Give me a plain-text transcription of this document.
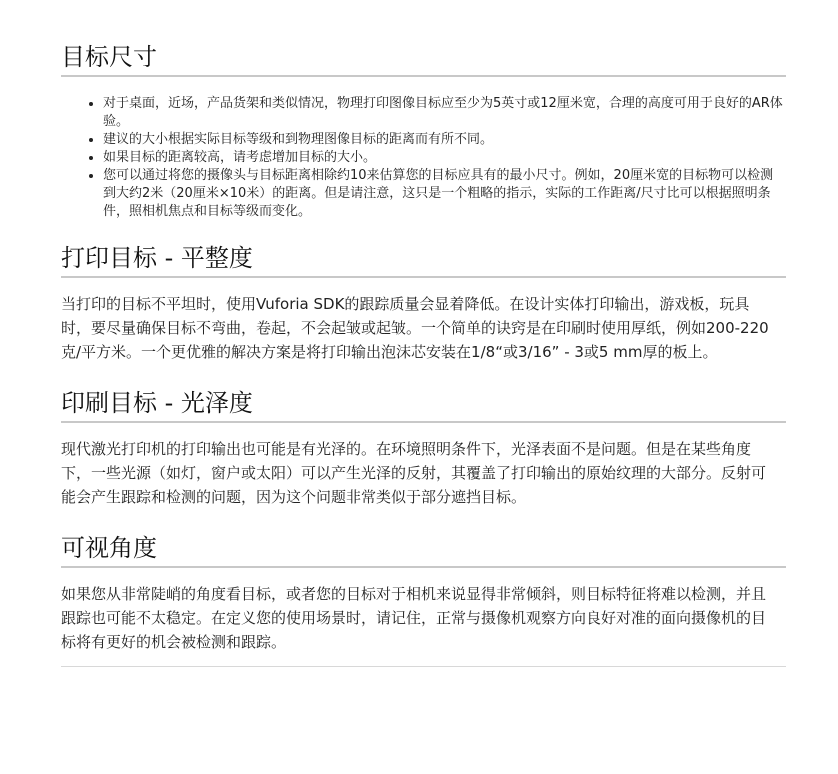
目标尺寸
• 对于桌面，近场，产品货架和类似情况，物理打印图像目标应至少为5英寸或12厘米宽，合理的高度可用于良好的AR体验。
• 建议的大小根据实际目标等级和到物理图像目标的距离而有所不同。
• 如果目标的距离较高，请考虑增加目标的大小。
• 您可以通过将您的摄像头与目标距离相除约10来估算您的目标应具有的最小尺寸。例如，20厘米宽的目标物可以检测到大约2米（20厘米×10米）的距离。但是请注意，这只是一个粗略的指示，实际的工作距离/尺寸比可以根据照明条件，照相机焦点和目标等级而变化。
打印目标 - 平整度

当打印的目标不平坦时，使用Vuforia SDK的跟踪质量会显着降低。在设计实体打印输出，游戏板，玩具时，要尽量确保目标不弯曲，卷起，不会起皱或起皱。一个简单的诀窍是在印刷时使用厚纸，例如200-220克/平方米。一个更优雅的解决方案是将打印输出泡沫芯安装在1/8“或3/16” - 3或5 mm厚的板上。

印刷目标 - 光泽度

现代激光打印机的打印输出也可能是有光泽的。在环境照明条件下，光泽表面不是问题。但是在某些角度下，一些光源（如灯，窗户或太阳）可以产生光泽的反射，其覆盖了打印输出的原始纹理的大部分。反射可能会产生跟踪和检测的问题，因为这个问题非常类似于部分遮挡目标。

可视角度

如果您从非常陡峭的角度看目标，或者您的目标对于相机来说显得非常倾斜，则目标特征将难以检测，并且跟踪也可能不太稳定。在定义您的使用场景时，请记住，正常与摄像机观察方向良好对准的面向摄像机的目标将有更好的机会被检测和跟踪。
